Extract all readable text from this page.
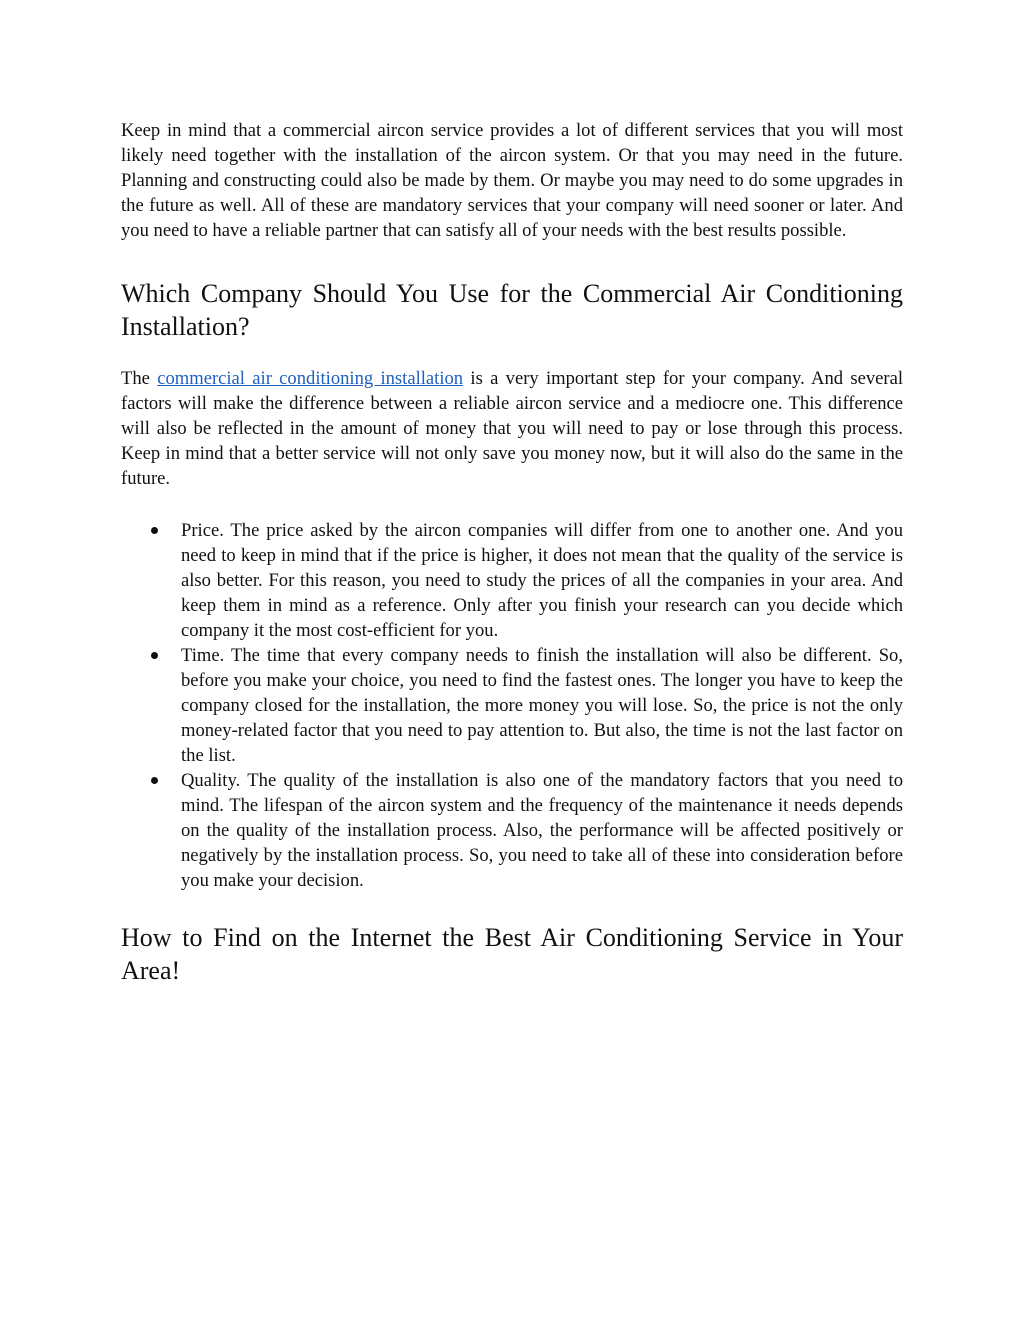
Keep in mind that a commercial aircon service provides a lot of different services that you will most likely need together with the installation of the aircon system. Or that you may need in the future. Planning and constructing could also be made by them. Or maybe you may need to do some upgrades in the future as well. All of these are mandatory services that your company will need sooner or later. And you need to have a reliable partner that can satisfy all of your needs with the best results possible.

Which Company Should You Use for the Commercial Air Conditioning Installation?

The commercial air conditioning installation is a very important step for your company. And several factors will make the difference between a reliable aircon service and a mediocre one. This difference will also be reflected in the amount of money that you will need to pay or lose through this process. Keep in mind that a better service will not only save you money now, but it will also do the same in the future.

Price. The price asked by the aircon companies will differ from one to another one. And you need to keep in mind that if the price is higher, it does not mean that the quality of the service is also better. For this reason, you need to study the prices of all the companies in your area. And keep them in mind as a reference. Only after you finish your research can you decide which company it the most cost-efficient for you.
Time. The time that every company needs to finish the installation will also be different. So, before you make your choice, you need to find the fastest ones. The longer you have to keep the company closed for the installation, the more money you will lose. So, the price is not the only money-related factor that you need to pay attention to. But also, the time is not the last factor on the list.
Quality. The quality of the installation is also one of the mandatory factors that you need to mind. The lifespan of the aircon system and the frequency of the maintenance it needs depends on the quality of the installation process. Also, the performance will be affected positively or negatively by the installation process. So, you need to take all of these into consideration before you make your decision.
How to Find on the Internet the Best Air Conditioning Service in Your Area!
